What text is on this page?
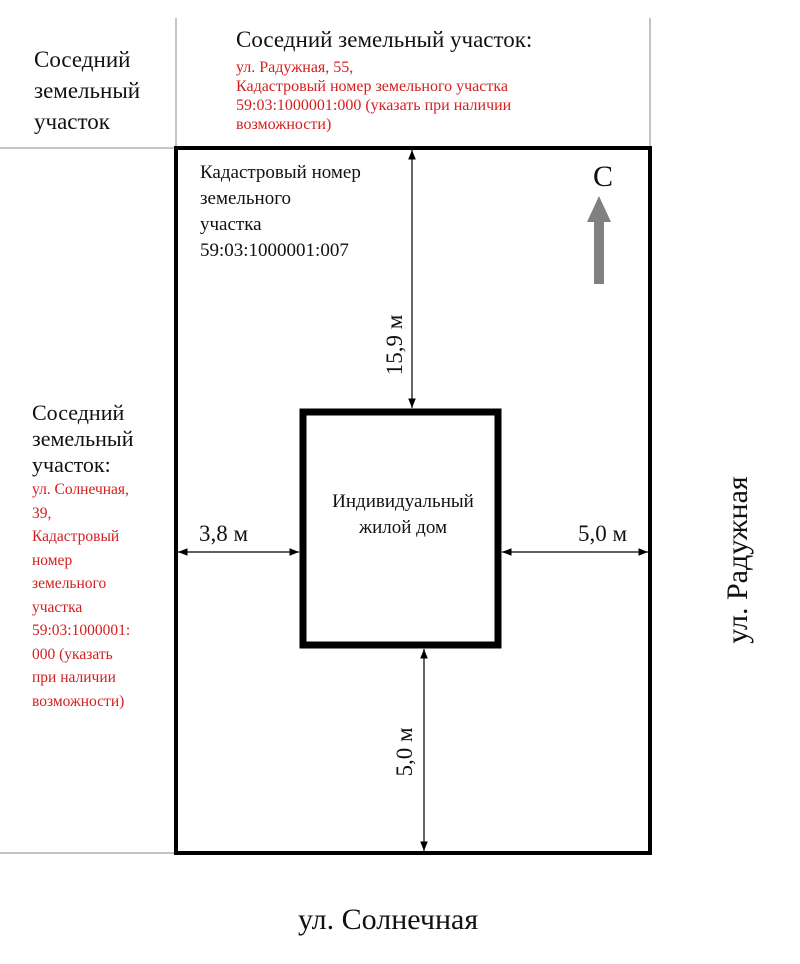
Соседний
земельный
участок
Соседний земельный участок:
ул. Радужная, 55,
Кадастровый номер земельного участка
59:03:1000001:000 (указать при наличии
возможности)
Кадастровый номер
земельного
участка
59:03:1000001:007
С
Соседний
земельный
участок:
ул. Солнечная,
39,
Кадастровый
номер
земельного
участка
59:03:1000001:
000 (указать
при наличии
возможности)
Индивидуальный
жилой дом
3,8 м	5,0 м
15,9 м
5,0 м
ул. Радужная
ул. Солнечная
